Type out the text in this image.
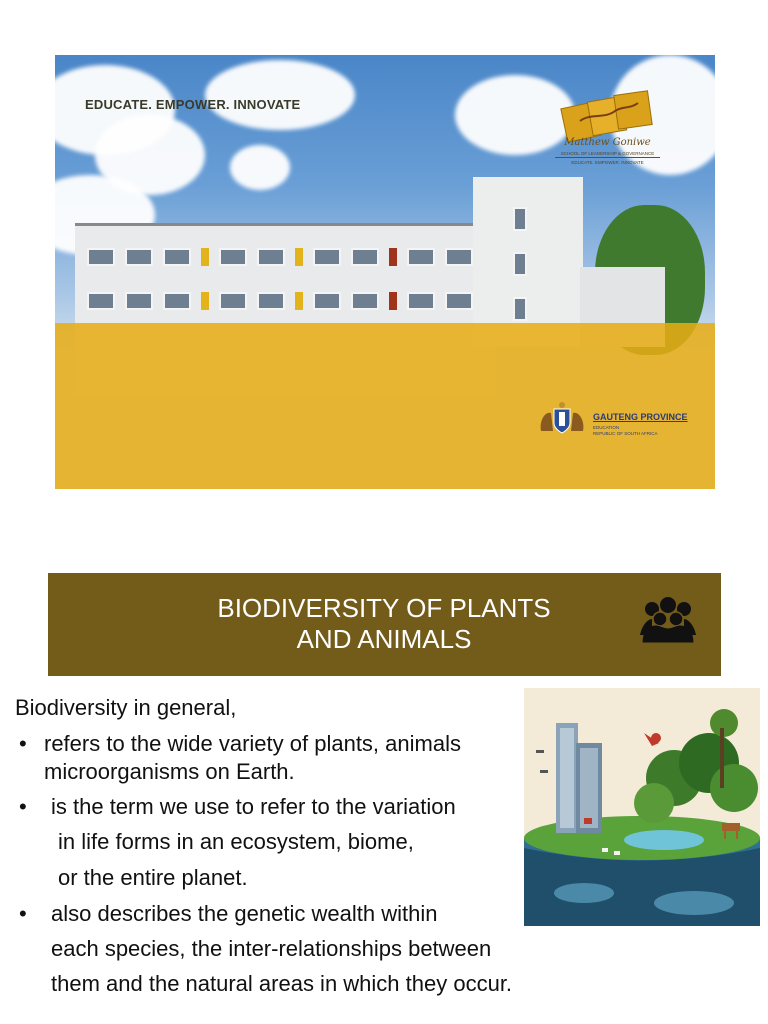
EDUCATE. EMPOWER. INNOVATE
Matthew Goniwe
SCHOOL OF LEADERSHIP & GOVERNANCE
EDUCATE. EMPOWER. INNOVATE
GAUTENG PROVINCE
EDUCATION
REPUBLIC OF SOUTH AFRICA
BIODIVERSITY OF PLANTS
AND ANIMALS
Biodiversity in general,
• refers to the wide variety of plants, animals
microorganisms on Earth.
• is the term we use to refer to the variation
in life forms in an ecosystem, biome,
or the entire planet.
• also describes the genetic wealth within
each species, the inter-relationships between
them and the natural areas in which they occur.
